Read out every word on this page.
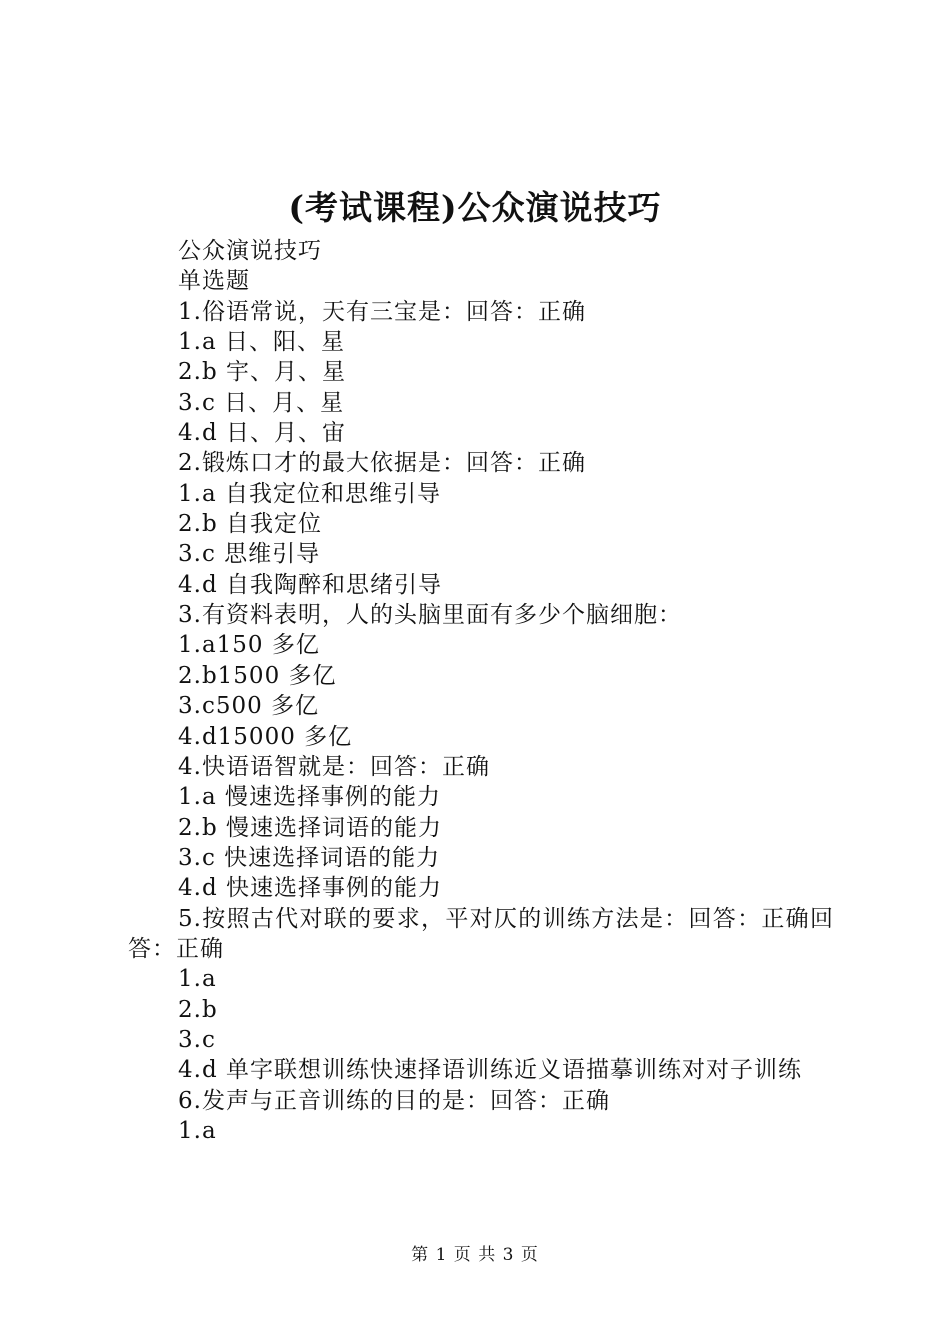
(考试课程)公众演说技巧
公众演说技巧
单选题
1.俗语常说，天有三宝是：回答：正确
1.a 日、阳、星
2.b 宇、月、星
3.c 日、月、星
4.d 日、月、宙
2.锻炼口才的最大依据是：回答：正确
1.a 自我定位和思维引导
2.b 自我定位
3.c 思维引导
4.d 自我陶醉和思绪引导
3.有资料表明，人的头脑里面有多少个脑细胞：
1.a150 多亿
2.b1500 多亿
3.c500 多亿
4.d15000 多亿
4.快语语智就是：回答：正确
1.a 慢速选择事例的能力
2.b 慢速选择词语的能力
3.c 快速选择词语的能力
4.d 快速选择事例的能力
5.按照古代对联的要求，平对仄的训练方法是：回答：正确回答：正确
1.a
2.b
3.c
4.d 单字联想训练快速择语训练近义语描摹训练对对子训练
6.发声与正音训练的目的是：回答：正确
1.a
第 1 页 共 3 页
